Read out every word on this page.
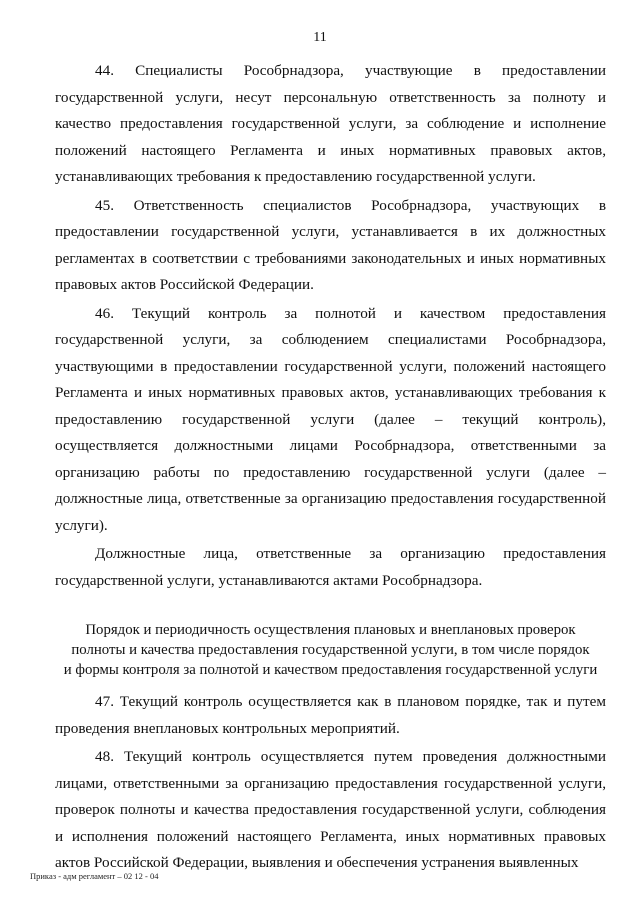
11

44. Специалисты Рособрнадзора, участвующие в предоставлении государственной услуги, несут персональную ответственность за полноту и качество предоставления государственной услуги, за соблюдение и исполнение положений настоящего Регламента и иных нормативных правовых актов, устанавливающих требования к предоставлению государственной услуги.

45. Ответственность специалистов Рособрнадзора, участвующих в предоставлении государственной услуги, устанавливается в их должностных регламентах в соответствии с требованиями законодательных и иных нормативных правовых актов Российской Федерации.

46. Текущий контроль за полнотой и качеством предоставления государственной услуги, за соблюдением специалистами Рособрнадзора, участвующими в предоставлении государственной услуги, положений настоящего Регламента и иных нормативных правовых актов, устанавливающих требования к предоставлению государственной услуги (далее – текущий контроль), осуществляется должностными лицами Рособрнадзора, ответственными за организацию работы по предоставлению государственной услуги (далее – должностные лица, ответственные за организацию предоставления государственной услуги).

Должностные лица, ответственные за организацию предоставления государственной услуги, устанавливаются актами Рособрнадзора.

Порядок и периодичность осуществления плановых и внеплановых проверок
полноты и качества предоставления государственной услуги, в том числе порядок
и формы контроля за полнотой и качеством предоставления государственной услуги

47. Текущий контроль осуществляется как в плановом порядке, так и путем проведения внеплановых контрольных мероприятий.

48. Текущий контроль осуществляется путем проведения должностными лицами, ответственными за организацию предоставления государственной услуги, проверок полноты и качества предоставления государственной услуги, соблюдения и исполнения положений настоящего Регламента, иных нормативных правовых актов Российской Федерации, выявления и обеспечения устранения выявленных

Приказ - адм регламент – 02 12 - 04
